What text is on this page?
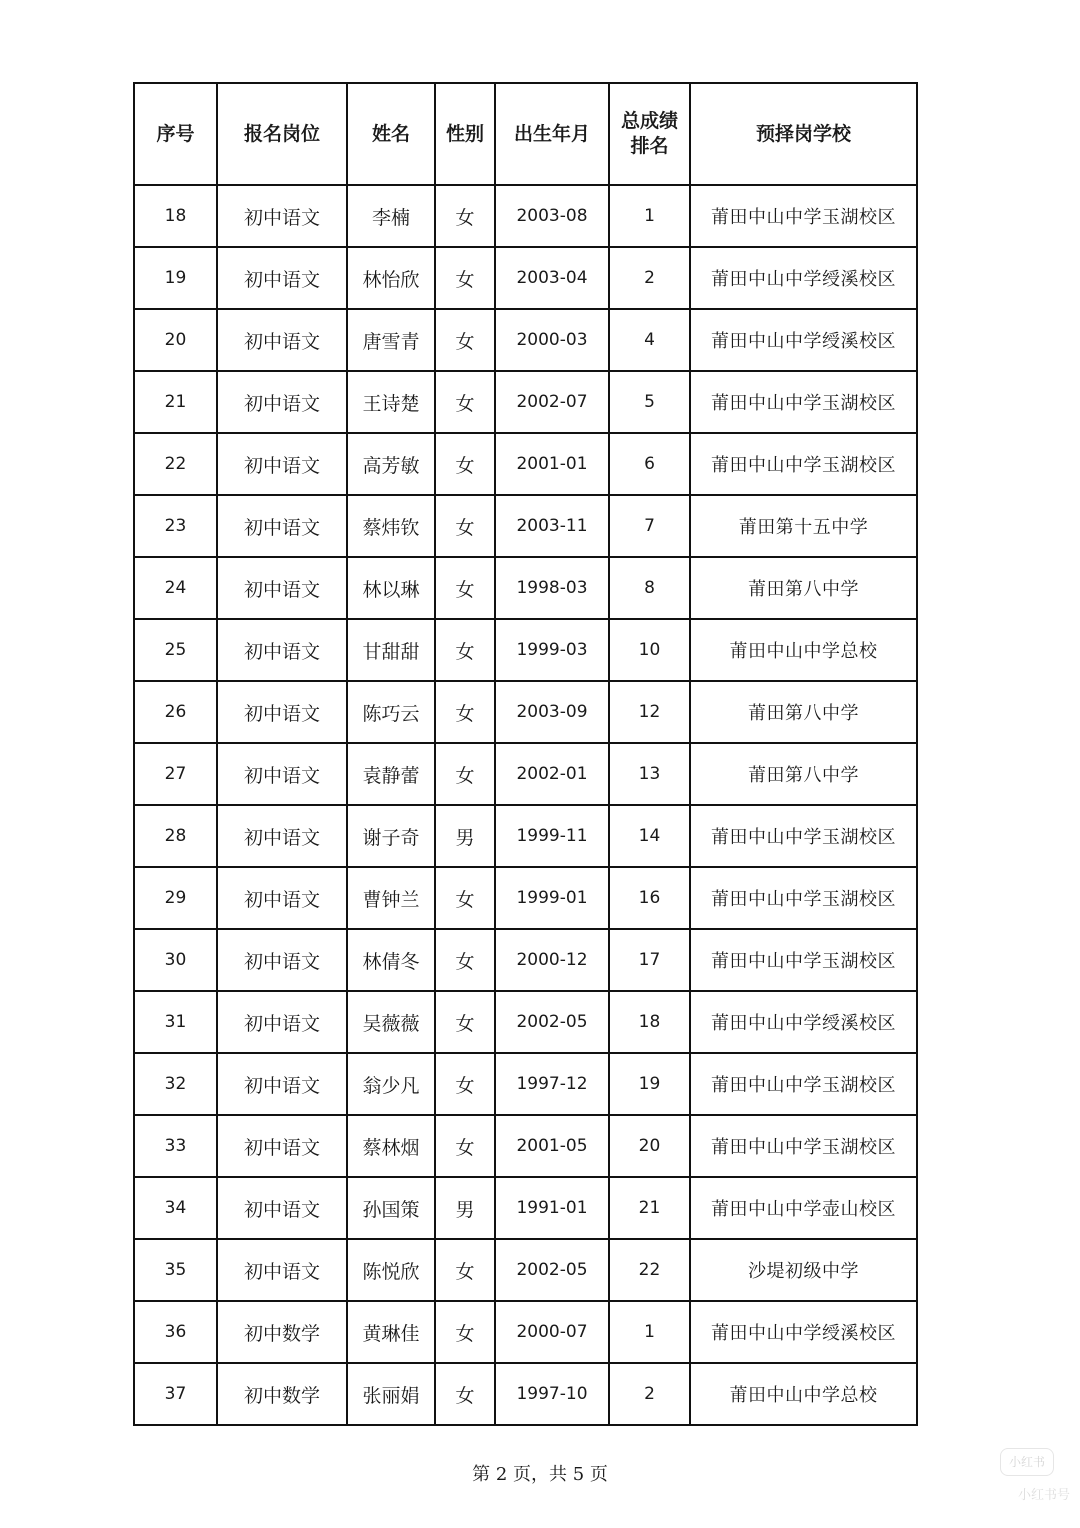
序号	报名岗位	姓名	性别	出生年月	总成绩排名	预择岗学校
18	初中语文	李楠	女	2003-08	1	莆田中山中学玉湖校区
19	初中语文	林怡欣	女	2003-04	2	莆田中山中学绶溪校区
20	初中语文	唐雪青	女	2000-03	4	莆田中山中学绶溪校区
21	初中语文	王诗楚	女	2002-07	5	莆田中山中学玉湖校区
22	初中语文	高芳敏	女	2001-01	6	莆田中山中学玉湖校区
23	初中语文	蔡炜钦	女	2003-11	7	莆田第十五中学
24	初中语文	林以琳	女	1998-03	8	莆田第八中学
25	初中语文	甘甜甜	女	1999-03	10	莆田中山中学总校
26	初中语文	陈巧云	女	2003-09	12	莆田第八中学
27	初中语文	袁静蕾	女	2002-01	13	莆田第八中学
28	初中语文	谢子奇	男	1999-11	14	莆田中山中学玉湖校区
29	初中语文	曹钟兰	女	1999-01	16	莆田中山中学玉湖校区
30	初中语文	林倩冬	女	2000-12	17	莆田中山中学玉湖校区
31	初中语文	吴薇薇	女	2002-05	18	莆田中山中学绶溪校区
32	初中语文	翁少凡	女	1997-12	19	莆田中山中学玉湖校区
33	初中语文	蔡林烟	女	2001-05	20	莆田中山中学玉湖校区
34	初中语文	孙国策	男	1991-01	21	莆田中山中学壶山校区
35	初中语文	陈悦欣	女	2002-05	22	沙堤初级中学
36	初中数学	黄琳佳	女	2000-07	1	莆田中山中学绶溪校区
37	初中数学	张丽娟	女	1997-10	2	莆田中山中学总校
第 2 页，共 5 页
小红书
小红书号
